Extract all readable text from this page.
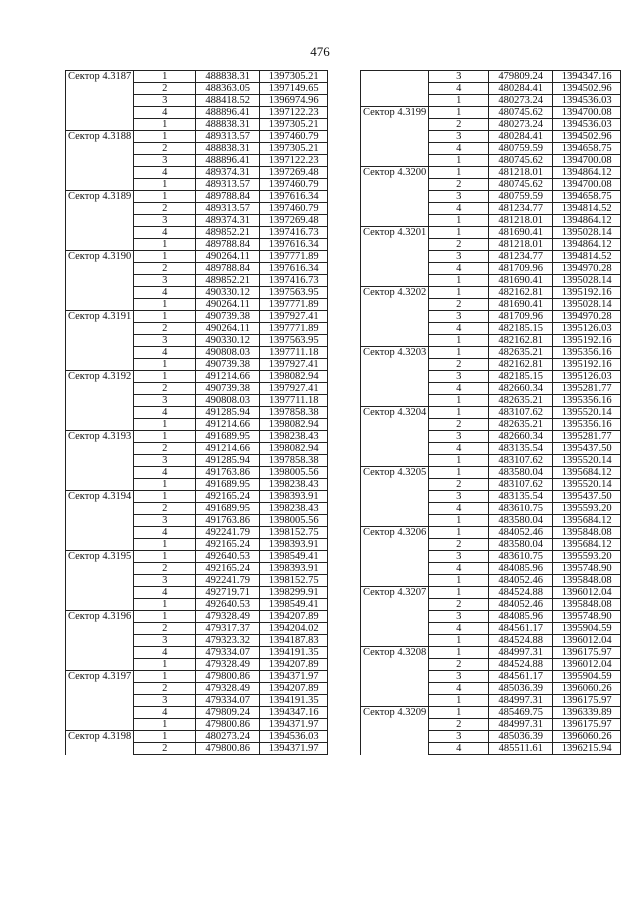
476
Сектор 4.3187	1	488838.31	1397305.21
	2	488363.05	1397149.65
	3	488418.52	1396974.96
	4	488896.41	1397122.23
	1	488838.31	1397305.21
Сектор 4.3188	1	489313.57	1397460.79
	2	488838.31	1397305.21
	3	488896.41	1397122.23
	4	489374.31	1397269.48
	1	489313.57	1397460.79
Сектор 4.3189	1	489788.84	1397616.34
	2	489313.57	1397460.79
	3	489374.31	1397269.48
	4	489852.21	1397416.73
	1	489788.84	1397616.34
Сектор 4.3190	1	490264.11	1397771.89
	2	489788.84	1397616.34
	3	489852.21	1397416.73
	4	490330.12	1397563.95
	1	490264.11	1397771.89
Сектор 4.3191	1	490739.38	1397927.41
	2	490264.11	1397771.89
	3	490330.12	1397563.95
	4	490808.03	1397711.18
	1	490739.38	1397927.41
Сектор 4.3192	1	491214.66	1398082.94
	2	490739.38	1397927.41
	3	490808.03	1397711.18
	4	491285.94	1397858.38
	1	491214.66	1398082.94
Сектор 4.3193	1	491689.95	1398238.43
	2	491214.66	1398082.94
	3	491285.94	1397858.38
	4	491763.86	1398005.56
	1	491689.95	1398238.43
Сектор 4.3194	1	492165.24	1398393.91
	2	491689.95	1398238.43
	3	491763.86	1398005.56
	4	492241.79	1398152.75
	1	492165.24	1398393.91
Сектор 4.3195	1	492640.53	1398549.41
	2	492165.24	1398393.91
	3	492241.79	1398152.75
	4	492719.71	1398299.91
	1	492640.53	1398549.41
Сектор 4.3196	1	479328.49	1394207.89
	2	479317.37	1394204.02
	3	479323.32	1394187.83
	4	479334.07	1394191.35
	1	479328.49	1394207.89
Сектор 4.3197	1	479800.86	1394371.97
	2	479328.49	1394207.89
	3	479334.07	1394191.35
	4	479809.24	1394347.16
	1	479800.86	1394371.97
Сектор 4.3198	1	480273.24	1394536.03
	2	479800.86	1394371.97
	3	479809.24	1394347.16
	4	480284.41	1394502.96
	1	480273.24	1394536.03
Сектор 4.3199	1	480745.62	1394700.08
	2	480273.24	1394536.03
	3	480284.41	1394502.96
	4	480759.59	1394658.75
	1	480745.62	1394700.08
Сектор 4.3200	1	481218.01	1394864.12
	2	480745.62	1394700.08
	3	480759.59	1394658.75
	4	481234.77	1394814.52
	1	481218.01	1394864.12
Сектор 4.3201	1	481690.41	1395028.14
	2	481218.01	1394864.12
	3	481234.77	1394814.52
	4	481709.96	1394970.28
	1	481690.41	1395028.14
Сектор 4.3202	1	482162.81	1395192.16
	2	481690.41	1395028.14
	3	481709.96	1394970.28
	4	482185.15	1395126.03
	1	482162.81	1395192.16
Сектор 4.3203	1	482635.21	1395356.16
	2	482162.81	1395192.16
	3	482185.15	1395126.03
	4	482660.34	1395281.77
	1	482635.21	1395356.16
Сектор 4.3204	1	483107.62	1395520.14
	2	482635.21	1395356.16
	3	482660.34	1395281.77
	4	483135.54	1395437.50
	1	483107.62	1395520.14
Сектор 4.3205	1	483580.04	1395684.12
	2	483107.62	1395520.14
	3	483135.54	1395437.50
	4	483610.75	1395593.20
	1	483580.04	1395684.12
Сектор 4.3206	1	484052.46	1395848.08
	2	483580.04	1395684.12
	3	483610.75	1395593.20
	4	484085.96	1395748.90
	1	484052.46	1395848.08
Сектор 4.3207	1	484524.88	1396012.04
	2	484052.46	1395848.08
	3	484085.96	1395748.90
	4	484561.17	1395904.59
	1	484524.88	1396012.04
Сектор 4.3208	1	484997.31	1396175.97
	2	484524.88	1396012.04
	3	484561.17	1395904.59
	4	485036.39	1396060.26
	1	484997.31	1396175.97
Сектор 4.3209	1	485469.75	1396339.89
	2	484997.31	1396175.97
	3	485036.39	1396060.26
	4	485511.61	1396215.94
